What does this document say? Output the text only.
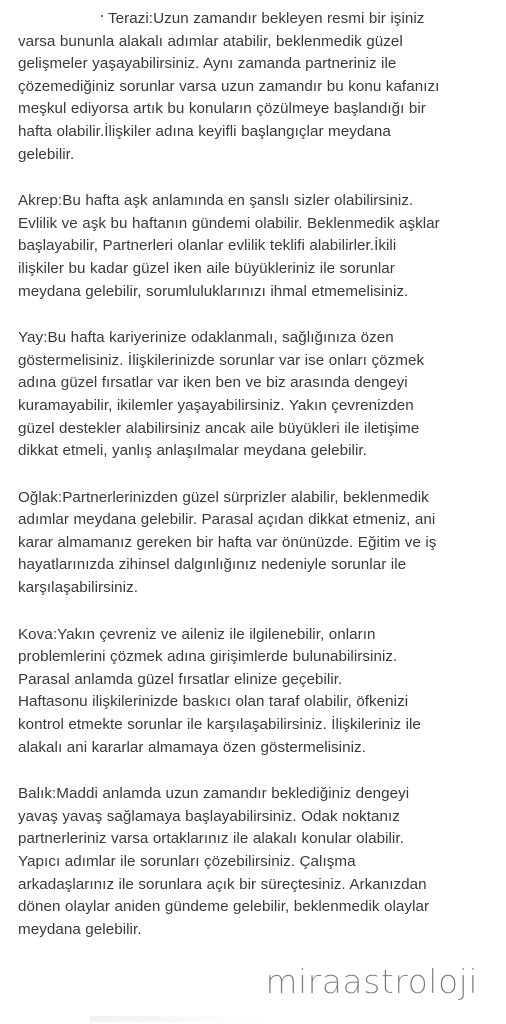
Terazi:Uzun zamandır bekleyen resmi bir işiniz
varsa bununla alakalı adımlar atabilir, beklenmedik güzel
gelişmeler yaşayabilirsiniz. Aynı zamanda partneriniz ile
çözemediğiniz sorunlar varsa uzun zamandır bu konu kafanızı
meşkul ediyorsa artık bu konuların çözülmeye başlandığı bir
hafta olabilir.İlişkiler adına keyifli başlangıçlar meydana
gelebilir.

Akrep:Bu hafta aşk anlamında en şanslı sizler olabilirsiniz.
Evlilik ve aşk bu haftanın gündemi olabilir. Beklenmedik aşklar
başlayabilir, Partnerleri olanlar evlilik teklifi alabilirler.İkili
ilişkiler bu kadar güzel iken aile büyükleriniz ile sorunlar
meydana gelebilir, sorumluluklarınızı ihmal etmemelisiniz.

Yay:Bu hafta kariyerinize odaklanmalı, sağlığınıza özen
göstermelisiniz. İlişkilerinizde sorunlar var ise onları çözmek
adına güzel fırsatlar var iken ben ve biz arasında dengeyi
kuramayabilir, ikilemler yaşayabilirsiniz. Yakın çevrenizden
güzel destekler alabilirsiniz ancak aile büyükleri ile iletişime
dikkat etmeli, yanlış anlaşılmalar meydana gelebilir.

Oğlak:Partnerlerinizden güzel sürprizler alabilir, beklenmedik
adımlar meydana gelebilir. Parasal açıdan dikkat etmeniz, ani
karar almamanız gereken bir hafta var önünüzde. Eğitim ve iş
hayatlarınızda zihinsel dalgınlığınız nedeniyle sorunlar ile
karşılaşabilirsiniz.

Kova:Yakın çevreniz ve aileniz ile ilgilenebilir, onların
problemlerini çözmek adına girişimlerde bulunabilirsiniz.
Parasal anlamda güzel fırsatlar elinize geçebilir.
Haftasonu ilişkilerinizde baskıcı olan taraf olabilir, öfkenizi
kontrol etmekte sorunlar ile karşılaşabilirsiniz. İlişkileriniz ile
alakalı ani kararlar almamaya özen göstermelisiniz.

Balık:Maddi anlamda uzun zamandır beklediğiniz dengeyi
yavaş yavaş sağlamaya başlayabilirsiniz. Odak noktanız
partnerleriniz varsa ortaklarınız ile alakalı konular olabilir.
Yapıcı adımlar ile sorunları çözebilirsiniz. Çalışma
arkadaşlarınız ile sorunlara açık bir süreçtesiniz. Arkanızdan
dönen olaylar aniden gündeme gelebilir, beklenmedik olaylar
meydana gelebilir.

miraastroloji
